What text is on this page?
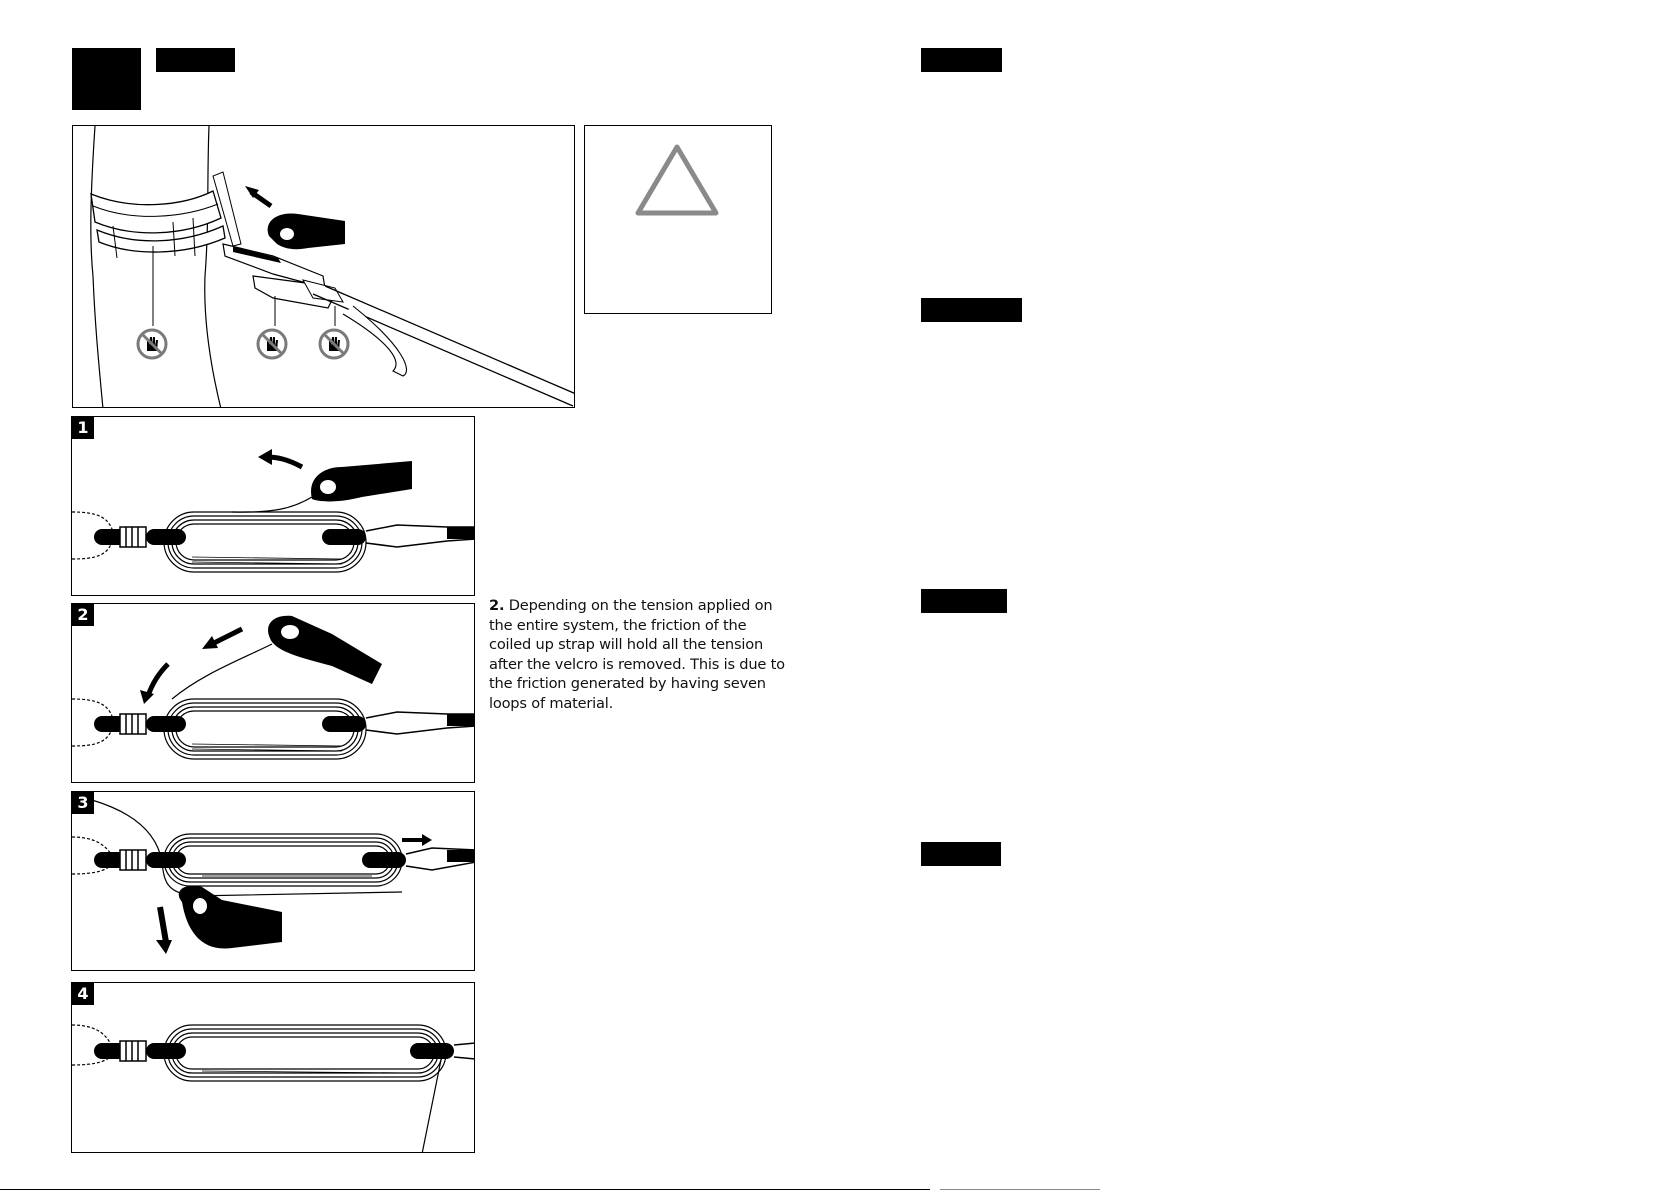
1
2
3
4
2. Depending on the tension applied on the entire system, the friction of the coiled up strap will hold all the tension after the velcro is removed. This is due to the friction generated by having seven loops of material.
